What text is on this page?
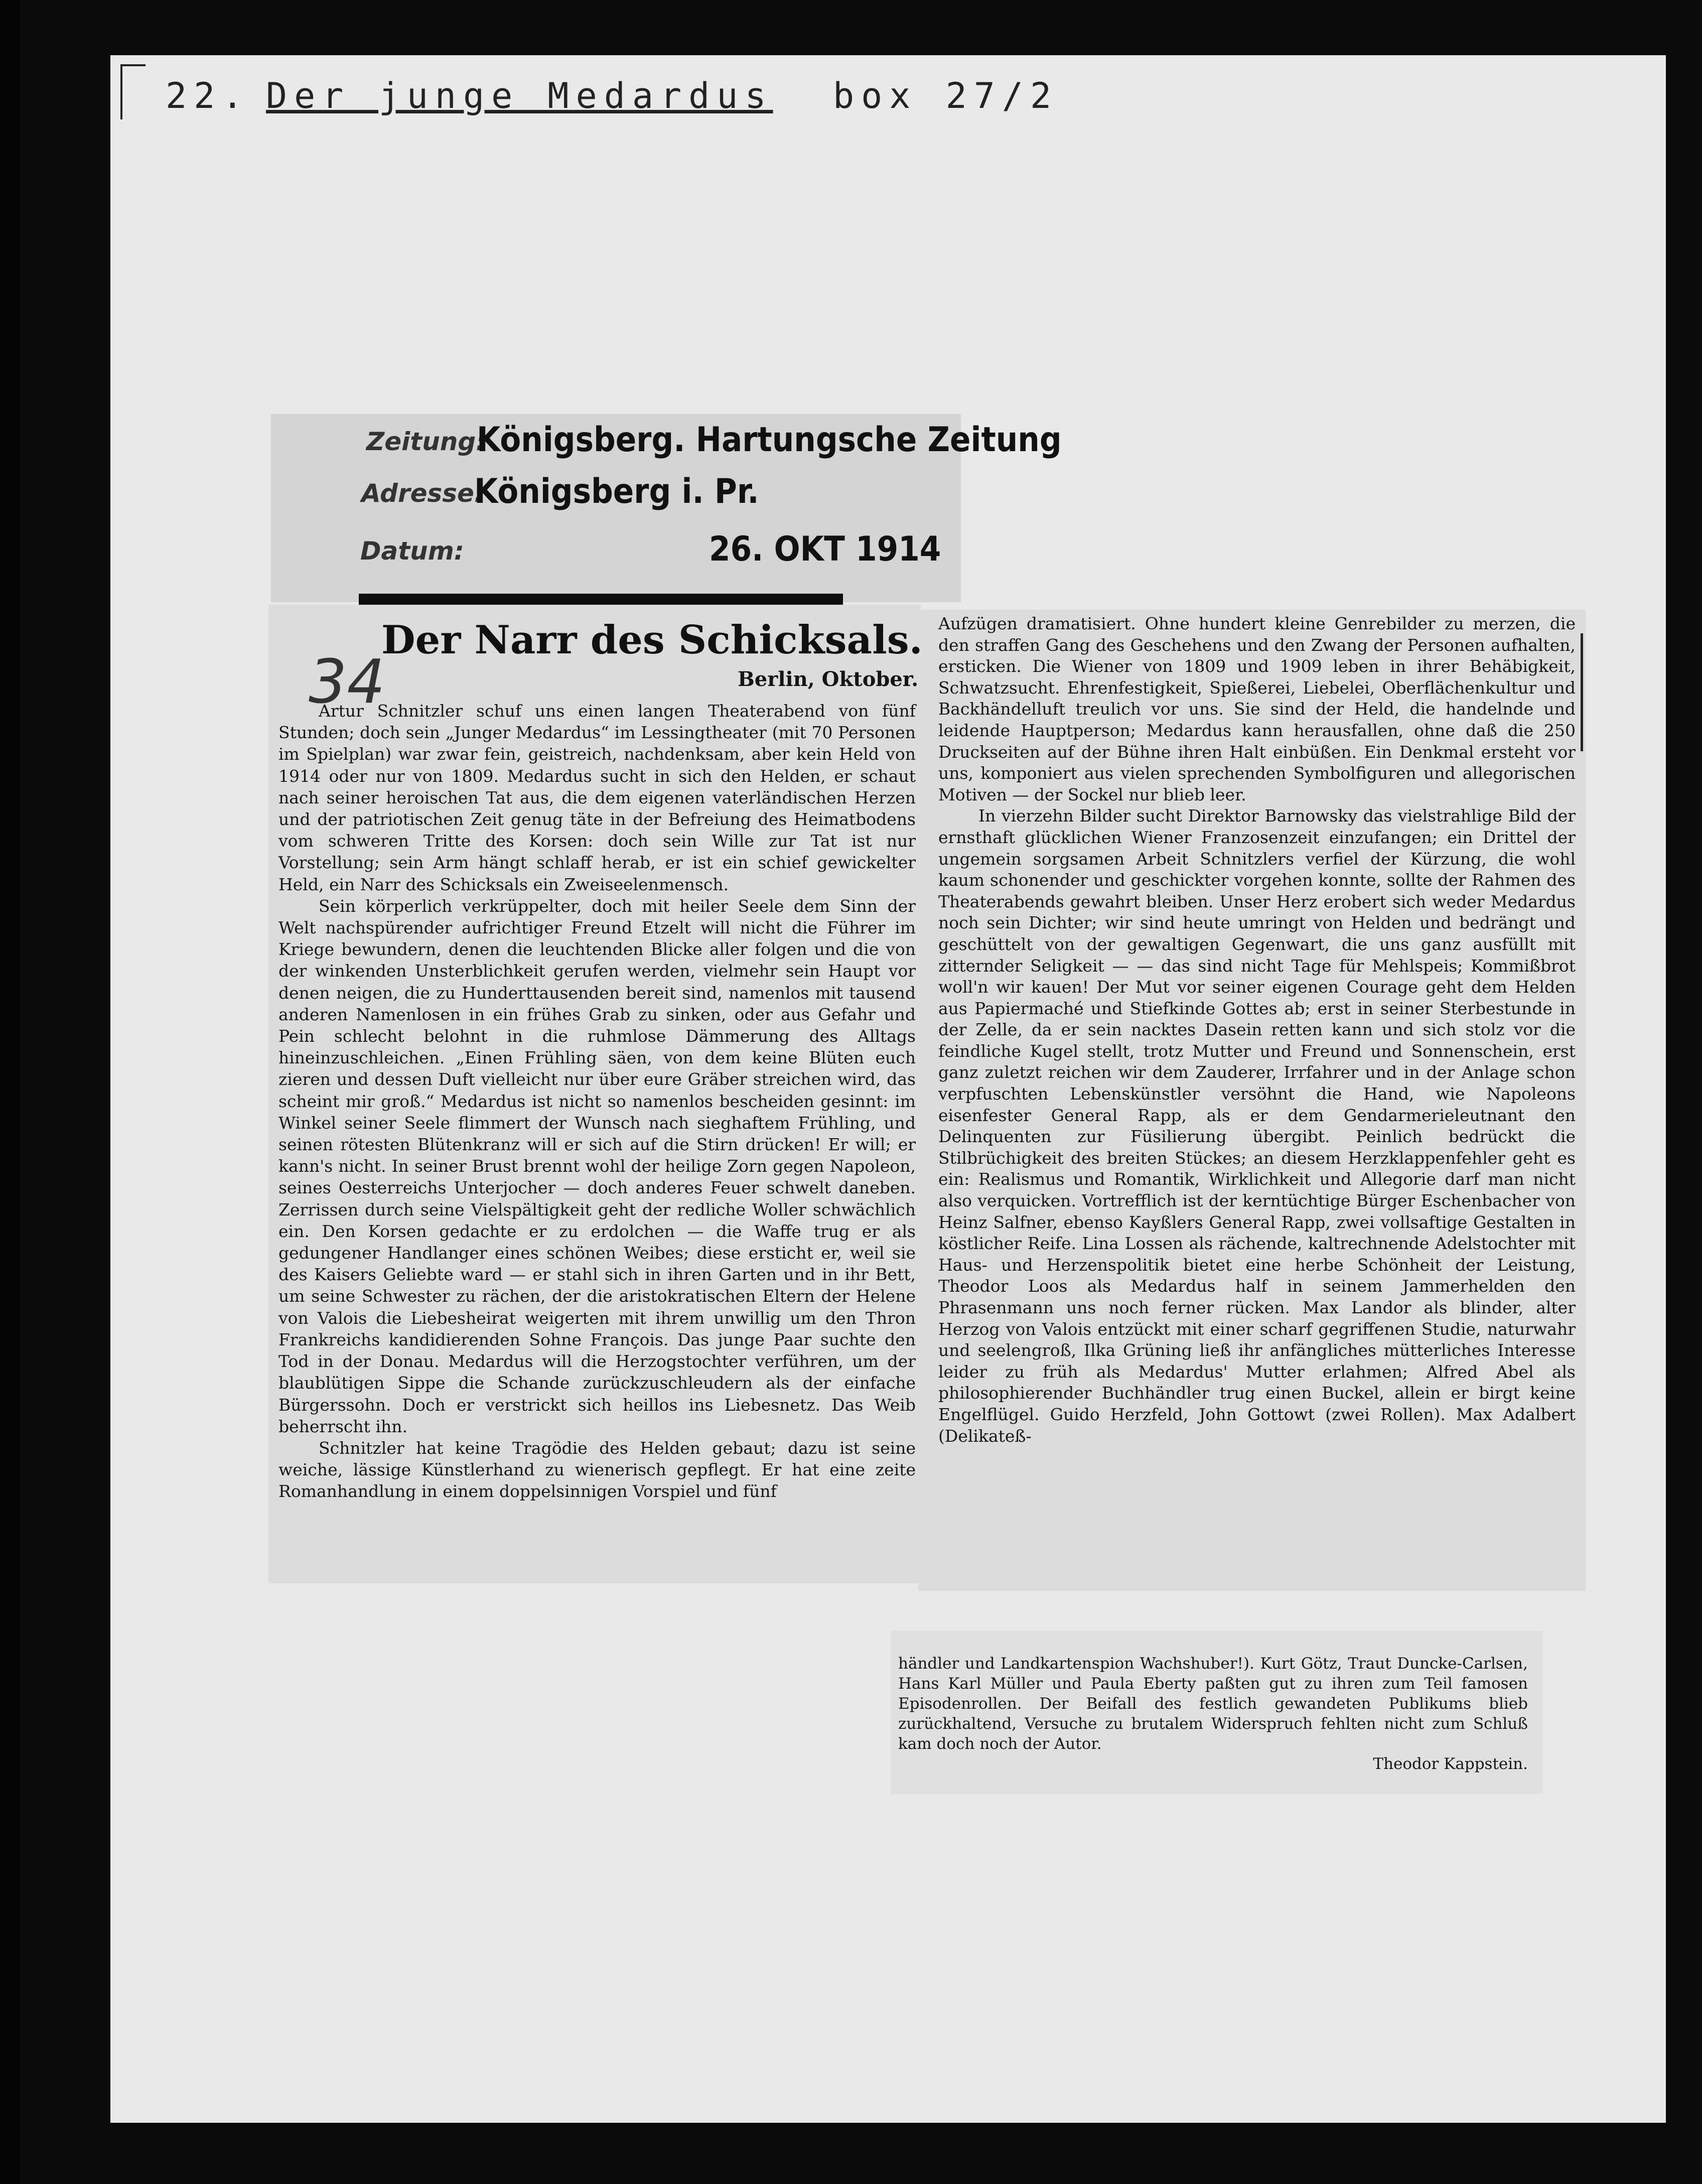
22. Der junge Medardus box 27/2
Zeitung:
Königsberg. Hartungsche Zeitung
Adresse:
Königsberg i. Pr.
Datum:	26. OKT 1914
34
Der Narr des Schicksals.
Berlin, Oktober.

Artur Schnitzler schuf uns einen langen Theaterabend von fünf Stunden; doch sein „Junger Medardus“ im Lessingtheater (mit 70 Personen im Spielplan) war zwar fein, geistreich, nachdenksam, aber kein Held von 1914 oder nur von 1809. Medardus sucht in sich den Helden, er schaut nach seiner heroischen Tat aus, die dem eigenen vaterländischen Herzen und der patriotischen Zeit genug täte in der Befreiung des Heimatbodens vom schweren Tritte des Korsen: doch sein Wille zur Tat ist nur Vorstellung; sein Arm hängt schlaff herab, er ist ein schief gewickelter Held, ein Narr des Schicksals ein Zweiseelenmensch.

Sein körperlich verkrüppelter, doch mit heiler Seele dem Sinn der Welt nachspürender aufrichtiger Freund Etzelt will nicht die Führer im Kriege bewundern, denen die leuchtenden Blicke aller folgen und die von der winkenden Unsterblichkeit gerufen werden, vielmehr sein Haupt vor denen neigen, die zu Hunderttausenden bereit sind, namenlos mit tausend anderen Namenlosen in ein frühes Grab zu sinken, oder aus Gefahr und Pein schlecht belohnt in die ruhmlose Dämmerung des Alltags hineinzuschleichen. „Einen Frühling säen, von dem keine Blüten euch zieren und dessen Duft vielleicht nur über eure Gräber streichen wird, das scheint mir groß.“ Medardus ist nicht so namenlos bescheiden gesinnt: im Winkel seiner Seele flimmert der Wunsch nach sieghaftem Frühling, und seinen rötesten Blütenkranz will er sich auf die Stirn drücken! Er will; er kann's nicht. In seiner Brust brennt wohl der heilige Zorn gegen Napoleon, seines Oesterreichs Unterjocher — doch anderes Feuer schwelt daneben. Zerrissen durch seine Vielspältigkeit geht der redliche Woller schwächlich ein. Den Korsen gedachte er zu erdolchen — die Waffe trug er als gedungener Handlanger eines schönen Weibes; diese ersticht er, weil sie des Kaisers Geliebte ward — er stahl sich in ihren Garten und in ihr Bett, um seine Schwester zu rächen, der die aristokratischen Eltern der Helene von Valois die Liebesheirat weigerten mit ihrem unwillig um den Thron Frankreichs kandidierenden Sohne François. Das junge Paar suchte den Tod in der Donau. Medardus will die Herzogstochter verführen, um der blaublütigen Sippe die Schande zurückzuschleudern als der einfache Bürgerssohn. Doch er verstrickt sich heillos ins Liebesnetz. Das Weib beherrscht ihn.

Schnitzler hat keine Tragödie des Helden gebaut; dazu ist seine weiche, lässige Künstlerhand zu wienerisch gepflegt. Er hat eine zeite Romanhandlung in einem doppelsinnigen Vorspiel und fünf

Aufzügen dramatisiert. Ohne hundert kleine Genrebilder zu merzen, die den straffen Gang des Geschehens und den Zwang der Personen aufhalten, ersticken. Die Wiener von 1809 und 1909 leben in ihrer Behäbigkeit, Schwatzsucht. Ehrenfestigkeit, Spießerei, Liebelei, Oberflächenkultur und Backhändelluft treulich vor uns. Sie sind der Held, die handelnde und leidende Hauptperson; Medardus kann herausfallen, ohne daß die 250 Druckseiten auf der Bühne ihren Halt einbüßen. Ein Denkmal ersteht vor uns, komponiert aus vielen sprechenden Symbolfiguren und allegorischen Motiven — der Sockel nur blieb leer.

In vierzehn Bilder sucht Direktor Barnowsky das vielstrahlige Bild der ernsthaft glücklichen Wiener Franzosenzeit einzufangen; ein Drittel der ungemein sorgsamen Arbeit Schnitzlers verfiel der Kürzung, die wohl kaum schonender und geschickter vorgehen konnte, sollte der Rahmen des Theaterabends gewahrt bleiben. Unser Herz erobert sich weder Medardus noch sein Dichter; wir sind heute umringt von Helden und bedrängt und geschüttelt von der gewaltigen Gegenwart, die uns ganz ausfüllt mit zitternder Seligkeit — — das sind nicht Tage für Mehlspeis; Kommißbrot woll'n wir kauen! Der Mut vor seiner eigenen Courage geht dem Helden aus Papiermaché und Stiefkinde Gottes ab; erst in seiner Sterbestunde in der Zelle, da er sein nacktes Dasein retten kann und sich stolz vor die feindliche Kugel stellt, trotz Mutter und Freund und Sonnenschein, erst ganz zuletzt reichen wir dem Zauderer, Irrfahrer und in der Anlage schon verpfuschten Lebenskünstler versöhnt die Hand, wie Napoleons eisenfester General Rapp, als er dem Gendarmerieleutnant den Delinquenten zur Füsilierung übergibt. Peinlich bedrückt die Stilbrüchigkeit des breiten Stückes; an diesem Herzklappenfehler geht es ein: Realismus und Romantik, Wirklichkeit und Allegorie darf man nicht also verquicken. Vortrefflich ist der kerntüchtige Bürger Eschenbacher von Heinz Salfner, ebenso Kayßlers General Rapp, zwei vollsaftige Gestalten in köstlicher Reife. Lina Lossen als rächende, kaltrechnende Adelstochter mit Haus- und Herzenspolitik bietet eine herbe Schönheit der Leistung, Theodor Loos als Medardus half in seinem Jammerhelden den Phrasenmann uns noch ferner rücken. Max Landor als blinder, alter Herzog von Valois entzückt mit einer scharf gegriffenen Studie, naturwahr und seelengroß, Ilka Grüning ließ ihr anfängliches mütterliches Interesse leider zu früh als Medardus' Mutter erlahmen; Alfred Abel als philosophierender Buchhändler trug einen Buckel, allein er birgt keine Engelflügel. Guido Herzfeld, John Gottowt (zwei Rollen). Max Adalbert (Delikateß-

händler und Landkartenspion Wachshuber!). Kurt Götz, Traut Duncke-Carlsen, Hans Karl Müller und Paula Eberty paßten gut zu ihren zum Teil famosen Episodenrollen. Der Beifall des festlich gewandeten Publikums blieb zurückhaltend, Versuche zu brutalem Widerspruch fehlten nicht zum Schluß kam doch noch der Autor.

Theodor Kappstein.
